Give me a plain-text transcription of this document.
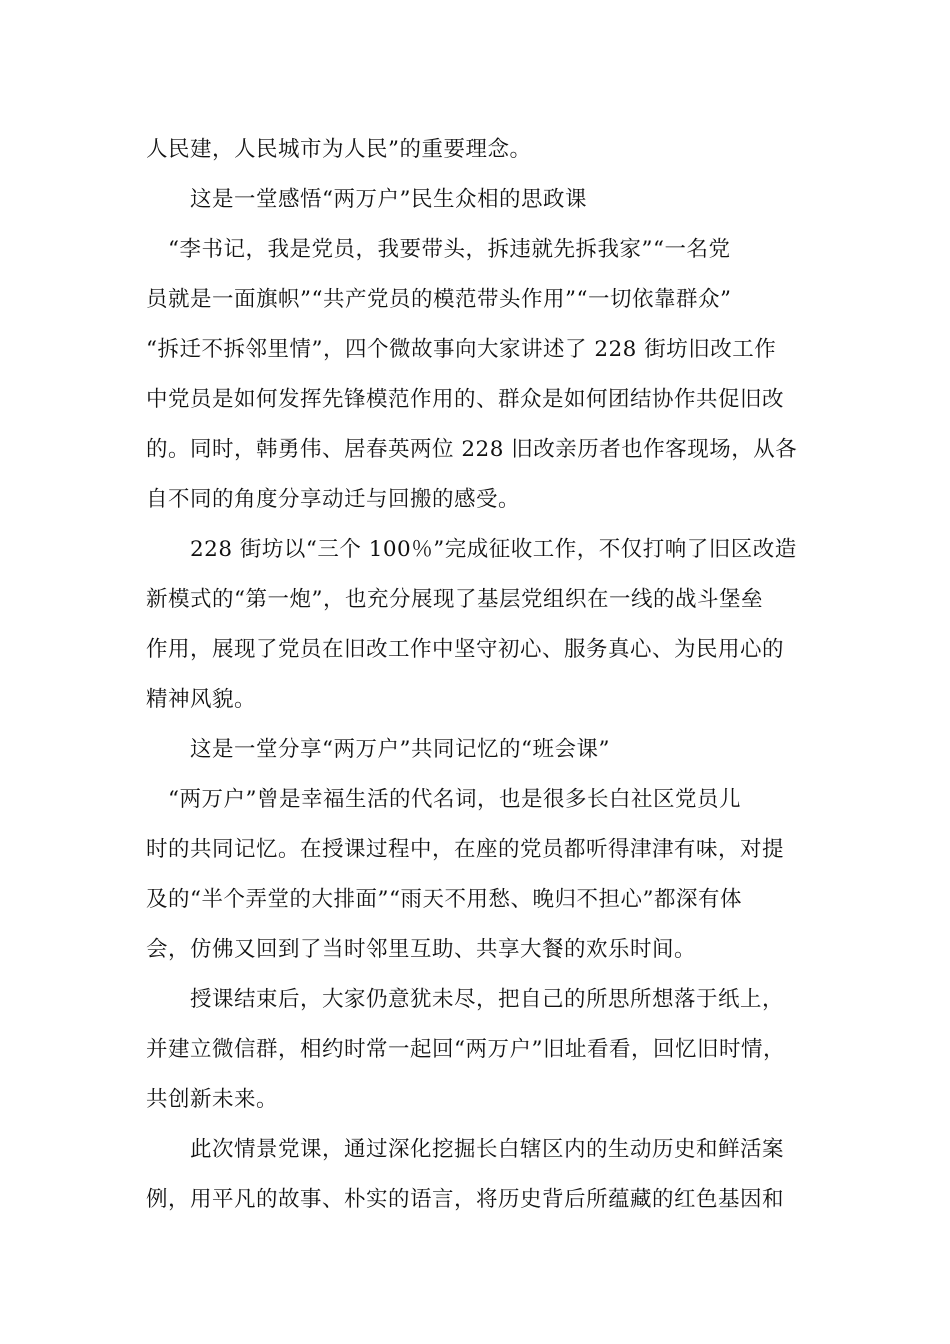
人民建，人民城市为人民”的重要理念。
这是一堂感悟“两万户”民生众相的思政课
“李书记，我是党员，我要带头，拆违就先拆我家”“一名党
员就是一面旗帜”“共产党员的模范带头作用”“一切依靠群众”
“拆迁不拆邻里情”，四个微故事向大家讲述了 228 街坊旧改工作
中党员是如何发挥先锋模范作用的、群众是如何团结协作共促旧改
的。同时，韩勇伟、居春英两位 228 旧改亲历者也作客现场，从各
自不同的角度分享动迁与回搬的感受。
228 街坊以“三个 100％”完成征收工作，不仅打响了旧区改造
新模式的“第一炮”，也充分展现了基层党组织在一线的战斗堡垒
作用，展现了党员在旧改工作中坚守初心、服务真心、为民用心的
精神风貌。
这是一堂分享“两万户”共同记忆的“班会课”
“两万户”曾是幸福生活的代名词，也是很多长白社区党员儿
时的共同记忆。在授课过程中，在座的党员都听得津津有味，对提
及的“半个弄堂的大排面”“雨天不用愁、晚归不担心”都深有体
会，仿佛又回到了当时邻里互助、共享大餐的欢乐时间。
授课结束后，大家仍意犹未尽，把自己的所思所想落于纸上，
并建立微信群，相约时常一起回“两万户”旧址看看，回忆旧时情，
共创新未来。
此次情景党课，通过深化挖掘长白辖区内的生动历史和鲜活案
例，用平凡的故事、朴实的语言，将历史背后所蕴藏的红色基因和
